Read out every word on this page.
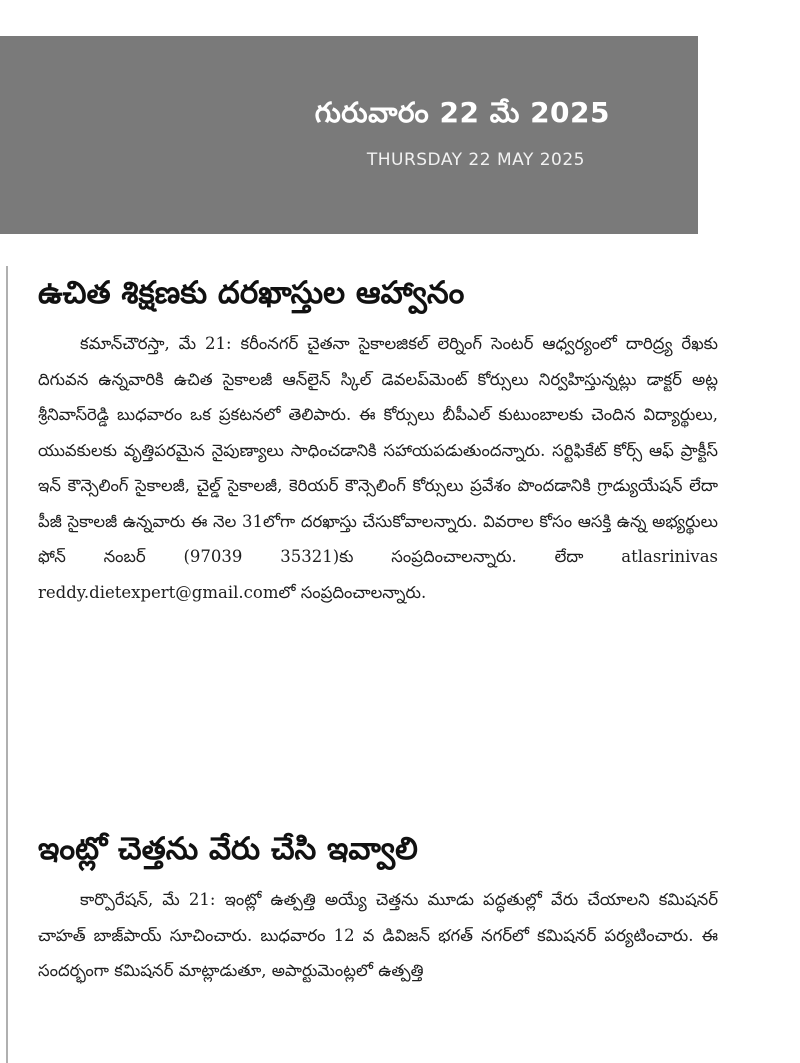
గురువారం 22 మే 2025
THURSDAY 22 MAY 2025
ఉచిత శిక్షణకు దరఖాస్తుల ఆహ్వానం

కమాన్‌చౌరస్తా, మే 21: కరీంనగర్ చైతనా సైకాలజికల్ లెర్నింగ్ సెంటర్ ఆధ్వర్యంలో దారిద్ర్య రేఖకు దిగువన ఉన్నవారికి ఉచిత సైకాలజీ ఆన్‌లైన్ స్కిల్ డెవలప్‌మెంట్ కోర్సులు నిర్వహిస్తున్నట్లు డాక్టర్ అట్ల శ్రీనివాస్‌రెడ్డి బుధవారం ఒక ప్రకటనలో తెలిపారు. ఈ కోర్సులు బీపీఎల్ కుటుంబాలకు చెందిన విద్యార్థులు, యువకులకు వృత్తిపరమైన నైపుణ్యాలు సాధించడానికి సహాయపడుతుందన్నారు. సర్టిఫికేట్ కోర్స్ ఆఫ్ ప్రాక్టీస్ ఇన్ కౌన్సెలింగ్ సైకాలజీ, చైల్డ్ సైకాలజీ, కెరియర్ కౌన్సెలింగ్ కోర్సులు ప్రవేశం పొందడానికి గ్రాడ్యుయేషన్ లేదా పీజీ సైకాలజీ ఉన్నవారు ఈ నెల 31లోగా దరఖాస్తు చేసుకోవాలన్నారు. వివరాల కోసం ఆసక్తి ఉన్న అభ్యర్థులు ఫోన్ నంబర్ (97039 35321)కు సంప్రదించాలన్నారు. లేదా atlasrinivas reddy.dietexpert@gmail.comలో సంప్రదించాలన్నారు.

ఇంట్లో చెత్తను వేరు చేసి ఇవ్వాలి

కార్పొరేషన్, మే 21: ఇంట్లో ఉత్పత్తి అయ్యే చెత్తను మూడు పద్ధతుల్లో వేరు చేయాలని కమిషనర్ చాహత్ బాజ్‌పాయ్ సూచించారు. బుధవారం 12 వ డివిజన్ భగత్ నగర్‌లో కమిషనర్ పర్యటించారు. ఈ సందర్భంగా కమిషనర్ మాట్లాడుతూ, అపార్టుమెంట్లలో ఉత్పత్తి
